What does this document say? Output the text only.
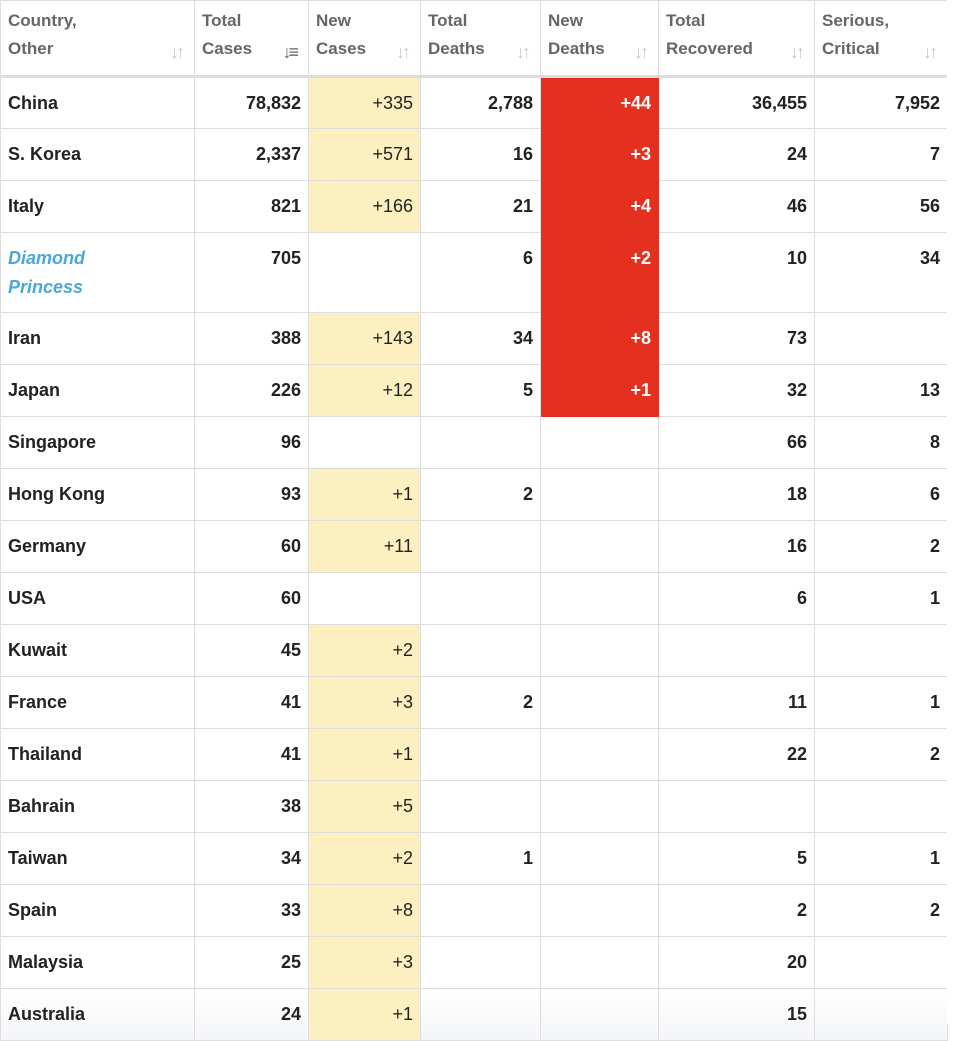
Country,
Other ↓↑	Total
Cases ↓≡	New
Cases ↓↑	Total
Deaths ↓↑	New
Deaths ↓↑	Total
Recovered ↓↑	Serious,
Critical ↓↑

China	78,832	+335	2,788	+44	36,455	7,952
S. Korea	2,337	+571	16	+3	24	7
Italy	821	+166	21	+4	46	56
Diamond
Princess	705		6	+2	10	34
Iran	388	+143	34	+8	73	
Japan	226	+12	5	+1	32	13
Singapore	96				66	8
Hong Kong	93	+1	2		18	6
Germany	60	+11			16	2
USA	60				6	1
Kuwait	45	+2				
France	41	+3	2		11	1
Thailand	41	+1			22	2
Bahrain	38	+5				
Taiwan	34	+2	1		5	1
Spain	33	+8			2	2
Malaysia	25	+3			20	
Australia	24	+1			15	
